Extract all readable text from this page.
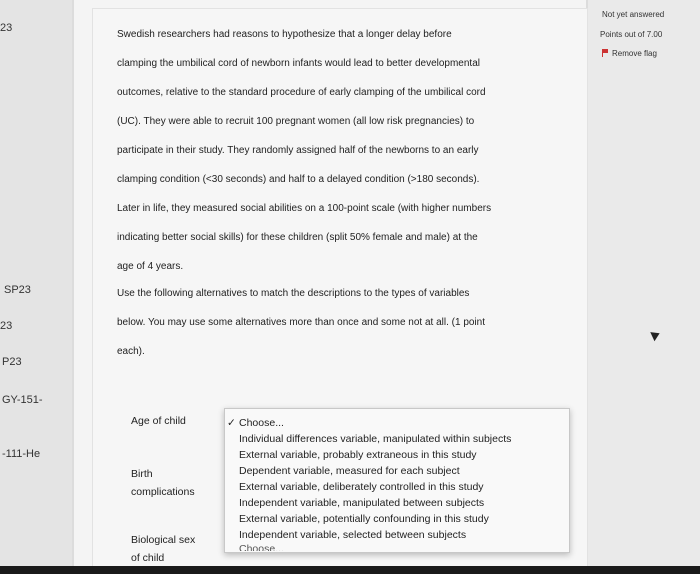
23
SP23
23
P23
GY-151-
-111-He
Swedish researchers had reasons to hypothesize that a longer delay before
clamping the umbilical cord of newborn infants would lead to better developmental
outcomes, relative to the standard procedure of early clamping of the umbilical cord
(UC). They were able to recruit 100 pregnant women (all low risk pregnancies) to
participate in their study. They randomly assigned half of the newborns to an early
clamping condition (<30 seconds) and half to a delayed condition (>180 seconds).
Later in life, they measured social abilities on a 100-point scale (with higher numbers
indicating better social skills) for these children (split 50% female and male) at the
age of 4 years.
Use the following alternatives to match the descriptions to the types of variables
below. You may use some alternatives more than once and some not at all. (1 point
each).
Age of child
Birth
complications
Biological sex
of child
✓ Choose...
Individual differences variable, manipulated within subjects
External variable, probably extraneous in this study
Dependent variable, measured for each subject
External variable, deliberately controlled in this study
Independent variable, manipulated between subjects
External variable, potentially confounding in this study
Independent variable, selected between subjects
Choose...
Not yet answered
Points out of 7.00
Remove flag
